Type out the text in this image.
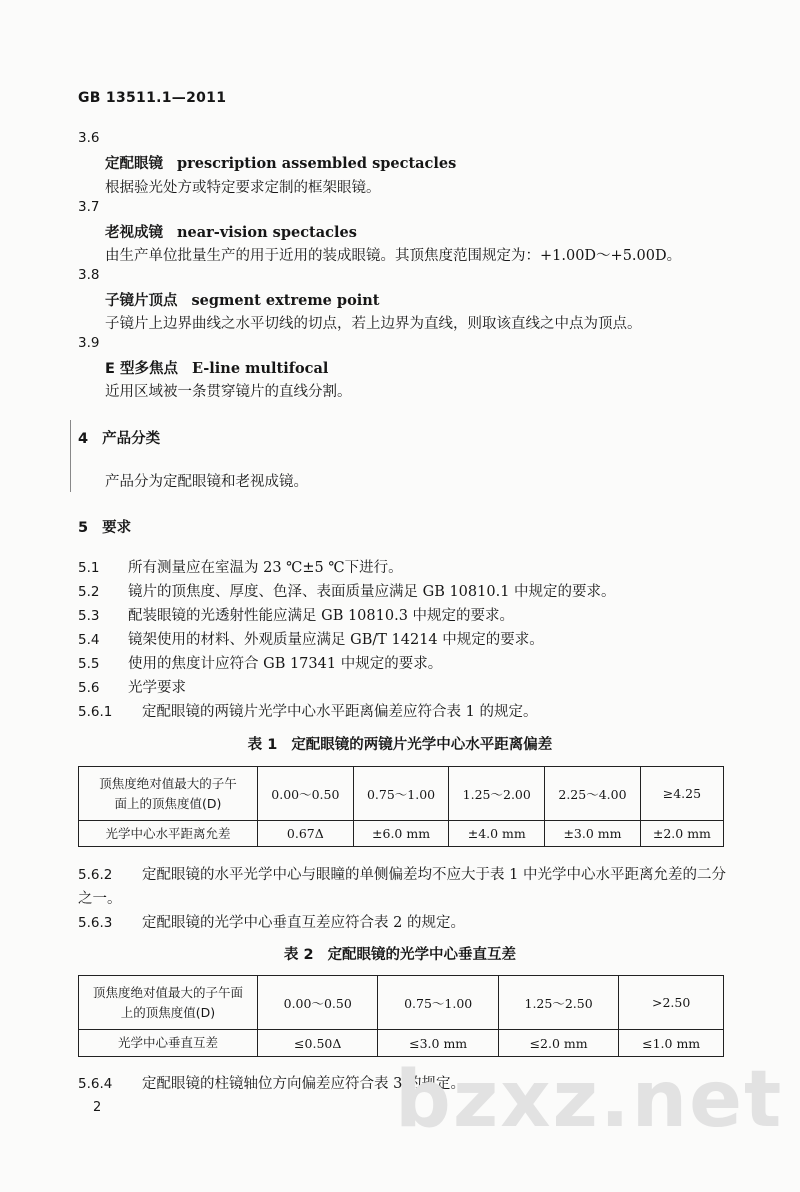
GB 13511.1—2011
3.6
定配眼镜 prescription assembled spectacles
根据验光处方或特定要求定制的框架眼镜。
3.7
老视成镜 near-vision spectacles
由生产单位批量生产的用于近用的装成眼镜。其顶焦度范围规定为：+1.00D～+5.00D。
3.8
子镜片顶点 segment extreme point
子镜片上边界曲线之水平切线的切点，若上边界为直线，则取该直线之中点为顶点。
3.9
E 型多焦点 E-line multifocal
近用区域被一条贯穿镜片的直线分割。
4 产品分类
产品分为定配眼镜和老视成镜。
5 要求
5.1 所有测量应在室温为 23 ℃±5 ℃下进行。
5.2 镜片的顶焦度、厚度、色泽、表面质量应满足 GB 10810.1 中规定的要求。
5.3 配装眼镜的光透射性能应满足 GB 10810.3 中规定的要求。
5.4 镜架使用的材料、外观质量应满足 GB/T 14214 中规定的要求。
5.5 使用的焦度计应符合 GB 17341 中规定的要求。
5.6 光学要求
5.6.1 定配眼镜的两镜片光学中心水平距离偏差应符合表 1 的规定。
表 1 定配眼镜的两镜片光学中心水平距离偏差
顶焦度绝对值最大的子午
面上的顶焦度值(D)	0.00～0.50	0.75～1.00	1.25～2.00	2.25～4.00	≥4.25
光学中心水平距离允差	0.67Δ	±6.0 mm	±4.0 mm	±3.0 mm	±2.0 mm
5.6.2 定配眼镜的水平光学中心与眼瞳的单侧偏差均不应大于表 1 中光学中心水平距离允差的二分
之一。
5.6.3 定配眼镜的光学中心垂直互差应符合表 2 的规定。
表 2 定配眼镜的光学中心垂直互差
顶焦度绝对值最大的子午面
上的顶焦度值(D)	0.00～0.50	0.75～1.00	1.25～2.50	>2.50
光学中心垂直互差	≤0.50Δ	≤3.0 mm	≤2.0 mm	≤1.0 mm
5.6.4 定配眼镜的柱镜轴位方向偏差应符合表 3 的规定。
bzxz.net
2
